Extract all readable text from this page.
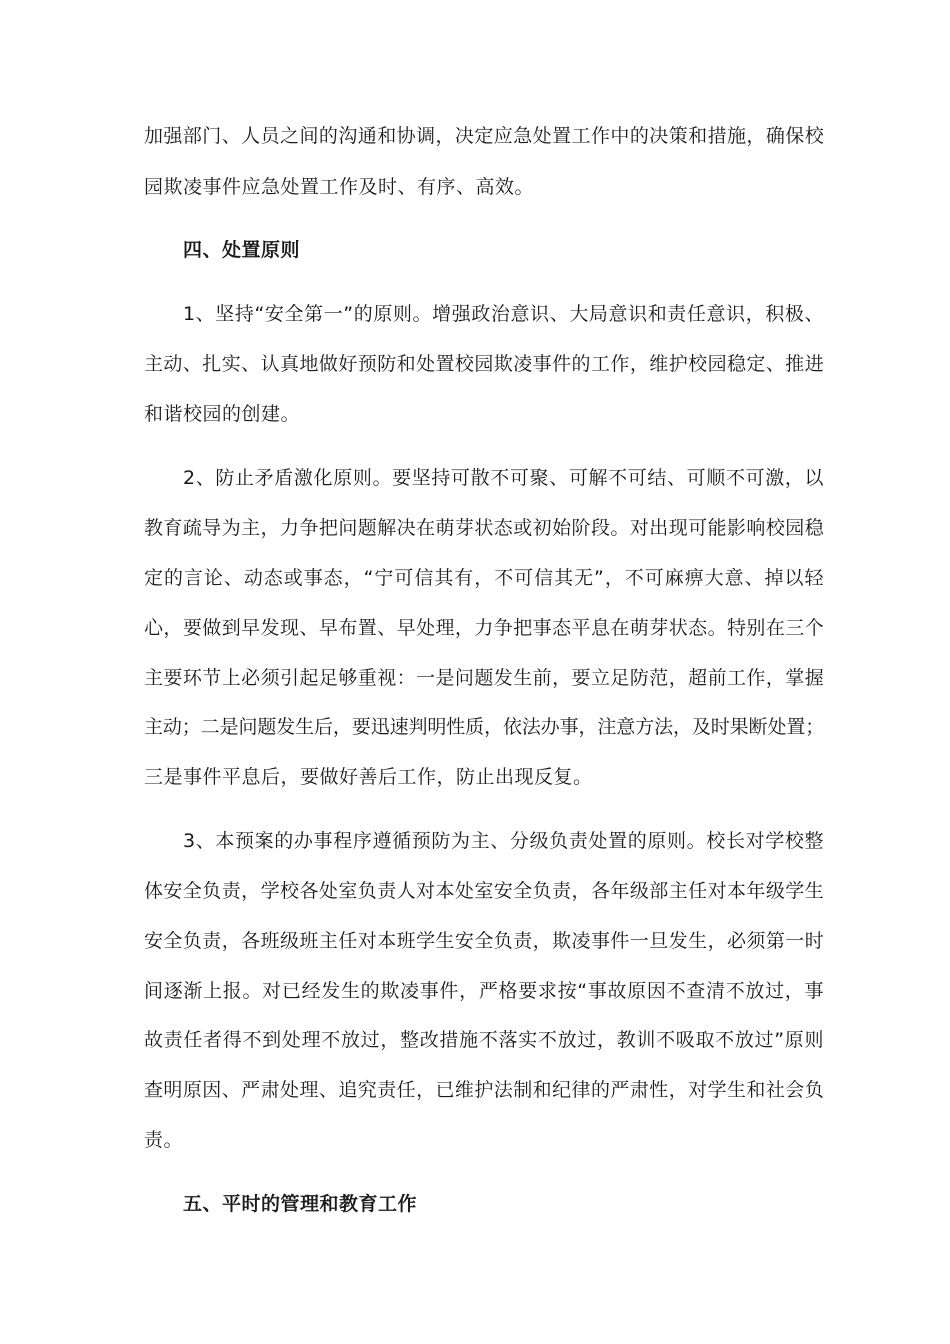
加强部门、人员之间的沟通和协调，决定应急处置工作中的决策和措施，确保校
园欺凌事件应急处置工作及时、有序、高效。
四、处置原则
1、坚持“安全第一”的原则。增强政治意识、大局意识和责任意识，积极、
主动、扎实、认真地做好预防和处置校园欺凌事件的工作，维护校园稳定、推进
和谐校园的创建。
2、防止矛盾激化原则。要坚持可散不可聚、可解不可结、可顺不可激，以
教育疏导为主，力争把问题解决在萌芽状态或初始阶段。对出现可能影响校园稳
定的言论、动态或事态，“宁可信其有，不可信其无”，不可麻痹大意、掉以轻
心，要做到早发现、早布置、早处理，力争把事态平息在萌芽状态。特别在三个
主要环节上必须引起足够重视：一是问题发生前，要立足防范，超前工作，掌握
主动；二是问题发生后，要迅速判明性质，依法办事，注意方法，及时果断处置；
三是事件平息后，要做好善后工作，防止出现反复。
3、本预案的办事程序遵循预防为主、分级负责处置的原则。校长对学校整
体安全负责，学校各处室负责人对本处室安全负责，各年级部主任对本年级学生
安全负责，各班级班主任对本班学生安全负责，欺凌事件一旦发生，必须第一时
间逐渐上报。对已经发生的欺凌事件，严格要求按“事故原因不查清不放过，事
故责任者得不到处理不放过，整改措施不落实不放过，教训不吸取不放过”原则
查明原因、严肃处理、追究责任，已维护法制和纪律的严肃性，对学生和社会负
责。
五、平时的管理和教育工作
